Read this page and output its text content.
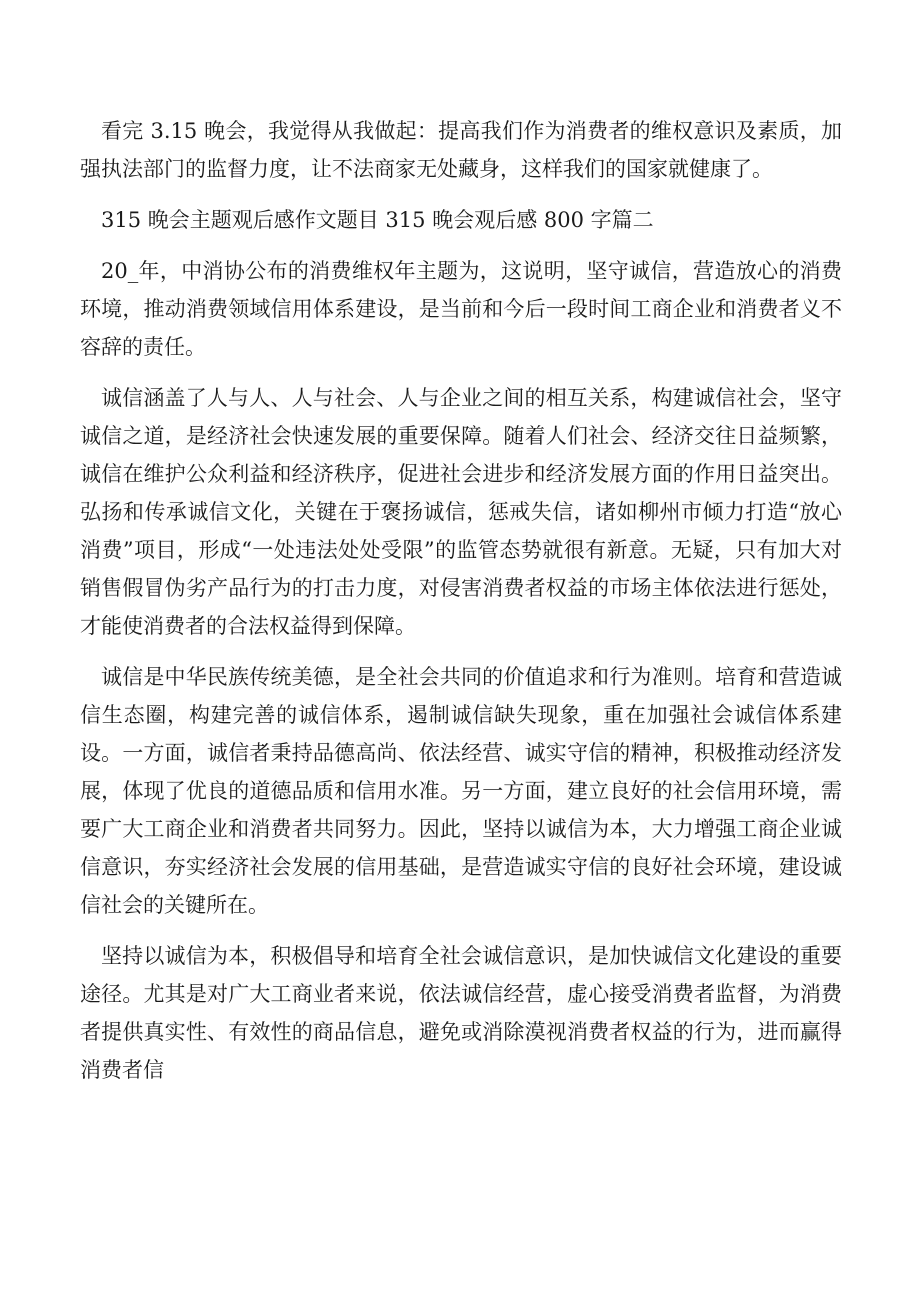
看完 3.15 晚会，我觉得从我做起：提高我们作为消费者的维权意识及素质，加强执法部门的监督力度，让不法商家无处藏身，这样我们的国家就健康了。

315 晚会主题观后感作文题目 315 晚会观后感 800 字篇二

20_年，中消协公布的消费维权年主题为，这说明，坚守诚信，营造放心的消费环境，推动消费领域信用体系建设，是当前和今后一段时间工商企业和消费者义不容辞的责任。

诚信涵盖了人与人、人与社会、人与企业之间的相互关系，构建诚信社会，坚守诚信之道，是经济社会快速发展的重要保障。随着人们社会、经济交往日益频繁，诚信在维护公众利益和经济秩序，促进社会进步和经济发展方面的作用日益突出。弘扬和传承诚信文化，关键在于褒扬诚信，惩戒失信，诸如柳州市倾力打造“放心消费”项目，形成“一处违法处处受限”的监管态势就很有新意。无疑，只有加大对销售假冒伪劣产品行为的打击力度，对侵害消费者权益的市场主体依法进行惩处，才能使消费者的合法权益得到保障。

诚信是中华民族传统美德，是全社会共同的价值追求和行为准则。培育和营造诚信生态圈，构建完善的诚信体系，遏制诚信缺失现象，重在加强社会诚信体系建设。一方面，诚信者秉持品德高尚、依法经营、诚实守信的精神，积极推动经济发展，体现了优良的道德品质和信用水准。另一方面，建立良好的社会信用环境，需要广大工商企业和消费者共同努力。因此，坚持以诚信为本，大力增强工商企业诚信意识，夯实经济社会发展的信用基础，是营造诚实守信的良好社会环境，建设诚信社会的关键所在。

坚持以诚信为本，积极倡导和培育全社会诚信意识，是加快诚信文化建设的重要途径。尤其是对广大工商业者来说，依法诚信经营，虚心接受消费者监督，为消费者提供真实性、有效性的商品信息，避免或消除漠视消费者权益的行为，进而赢得消费者信
